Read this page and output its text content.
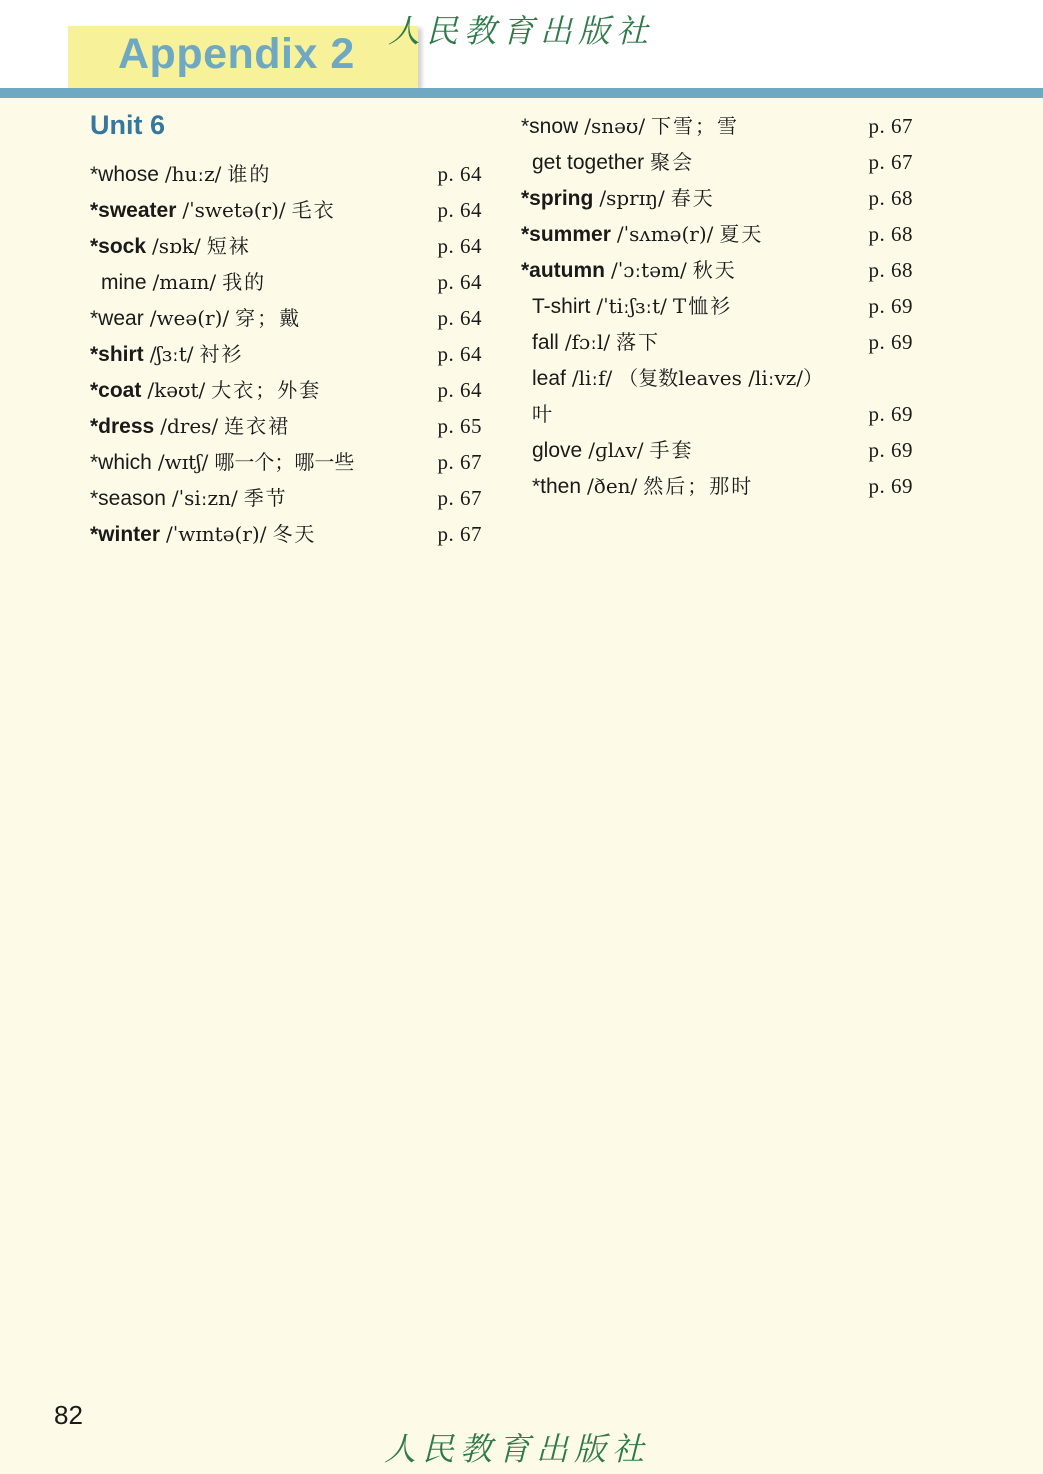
Appendix 2 人民教育出版社
Unit 6
*whose /huːz/ 谁的	p. 64
*sweater /ˈswetə(r)/ 毛衣	p. 64
*sock /sɒk/ 短袜	p. 64
mine /maɪn/ 我的	p. 64
*wear /weə(r)/ 穿；戴	p. 64
*shirt /ʃɜːt/ 衬衫	p. 64
*coat /kəʊt/ 大衣；外套	p. 64
*dress /dres/ 连衣裙	p. 65
*which /wɪtʃ/ 哪一个；哪一些	p. 67
*season /ˈsiːzn/ 季节	p. 67
*winter /ˈwɪntə(r)/ 冬天	p. 67
*snow /snəʊ/ 下雪；雪	p. 67
get together 聚会	p. 67
*spring /sprɪŋ/ 春天	p. 68
*summer /ˈsʌmə(r)/ 夏天	p. 68
*autumn /ˈɔːtəm/ 秋天	p. 68
T-shirt /ˈtiːʃɜːt/ T恤衫	p. 69
fall /fɔːl/ 落下	p. 69
leaf /liːf/ （复数leaves /liːvz/）
叶	p. 69
glove /ɡlʌv/ 手套	p. 69
*then /ðen/ 然后；那时	p. 69
82
人民教育出版社
